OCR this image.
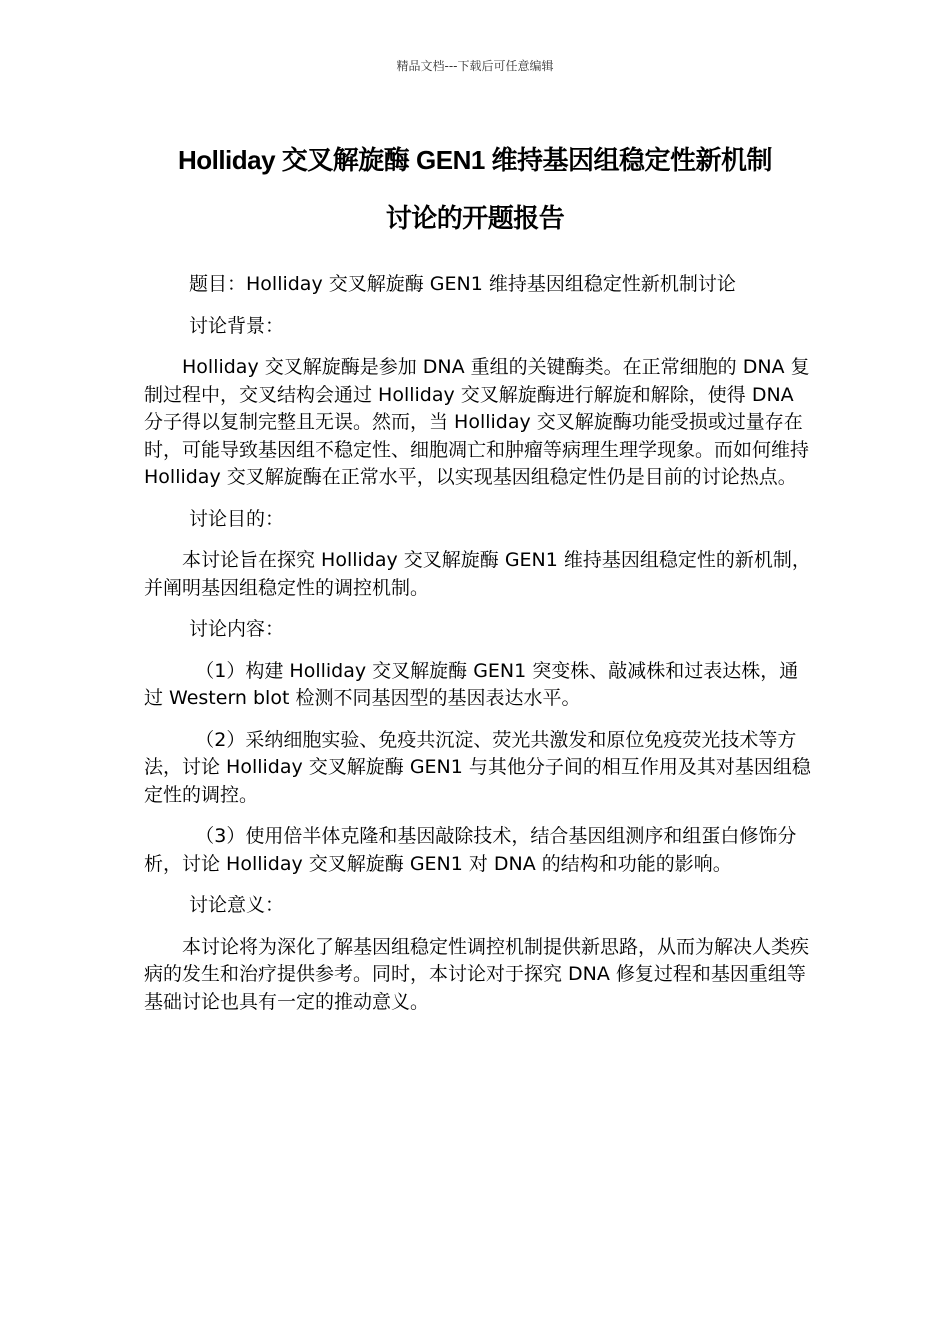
精品文档---下载后可任意编辑
Holliday 交叉解旋酶 GEN1 维持基因组稳定性新机制
讨论的开题报告

题目：Holliday 交叉解旋酶 GEN1 维持基因组稳定性新机制讨论

讨论背景：

Holliday 交叉解旋酶是参加 DNA 重组的关键酶类。在正常细胞的 DNA 复制过程中，交叉结构会通过 Holliday 交叉解旋酶进行解旋和解除，使得 DNA 分子得以复制完整且无误。然而，当 Holliday 交叉解旋酶功能受损或过量存在时，可能导致基因组不稳定性、细胞凋亡和肿瘤等病理生理学现象。而如何维持 Holliday 交叉解旋酶在正常水平，以实现基因组稳定性仍是目前的讨论热点。

讨论目的：

本讨论旨在探究 Holliday 交叉解旋酶 GEN1 维持基因组稳定性的新机制，并阐明基因组稳定性的调控机制。

讨论内容：

（1）构建 Holliday 交叉解旋酶 GEN1 突变株、敲减株和过表达株，通过 Western blot 检测不同基因型的基因表达水平。

（2）采纳细胞实验、免疫共沉淀、荧光共激发和原位免疫荧光技术等方法，讨论 Holliday 交叉解旋酶 GEN1 与其他分子间的相互作用及其对基因组稳定性的调控。

（3）使用倍半体克隆和基因敲除技术，结合基因组测序和组蛋白修饰分析，讨论 Holliday 交叉解旋酶 GEN1 对 DNA 的结构和功能的影响。

讨论意义：

本讨论将为深化了解基因组稳定性调控机制提供新思路，从而为解决人类疾病的发生和治疗提供参考。同时，本讨论对于探究 DNA 修复过程和基因重组等基础讨论也具有一定的推动意义。
